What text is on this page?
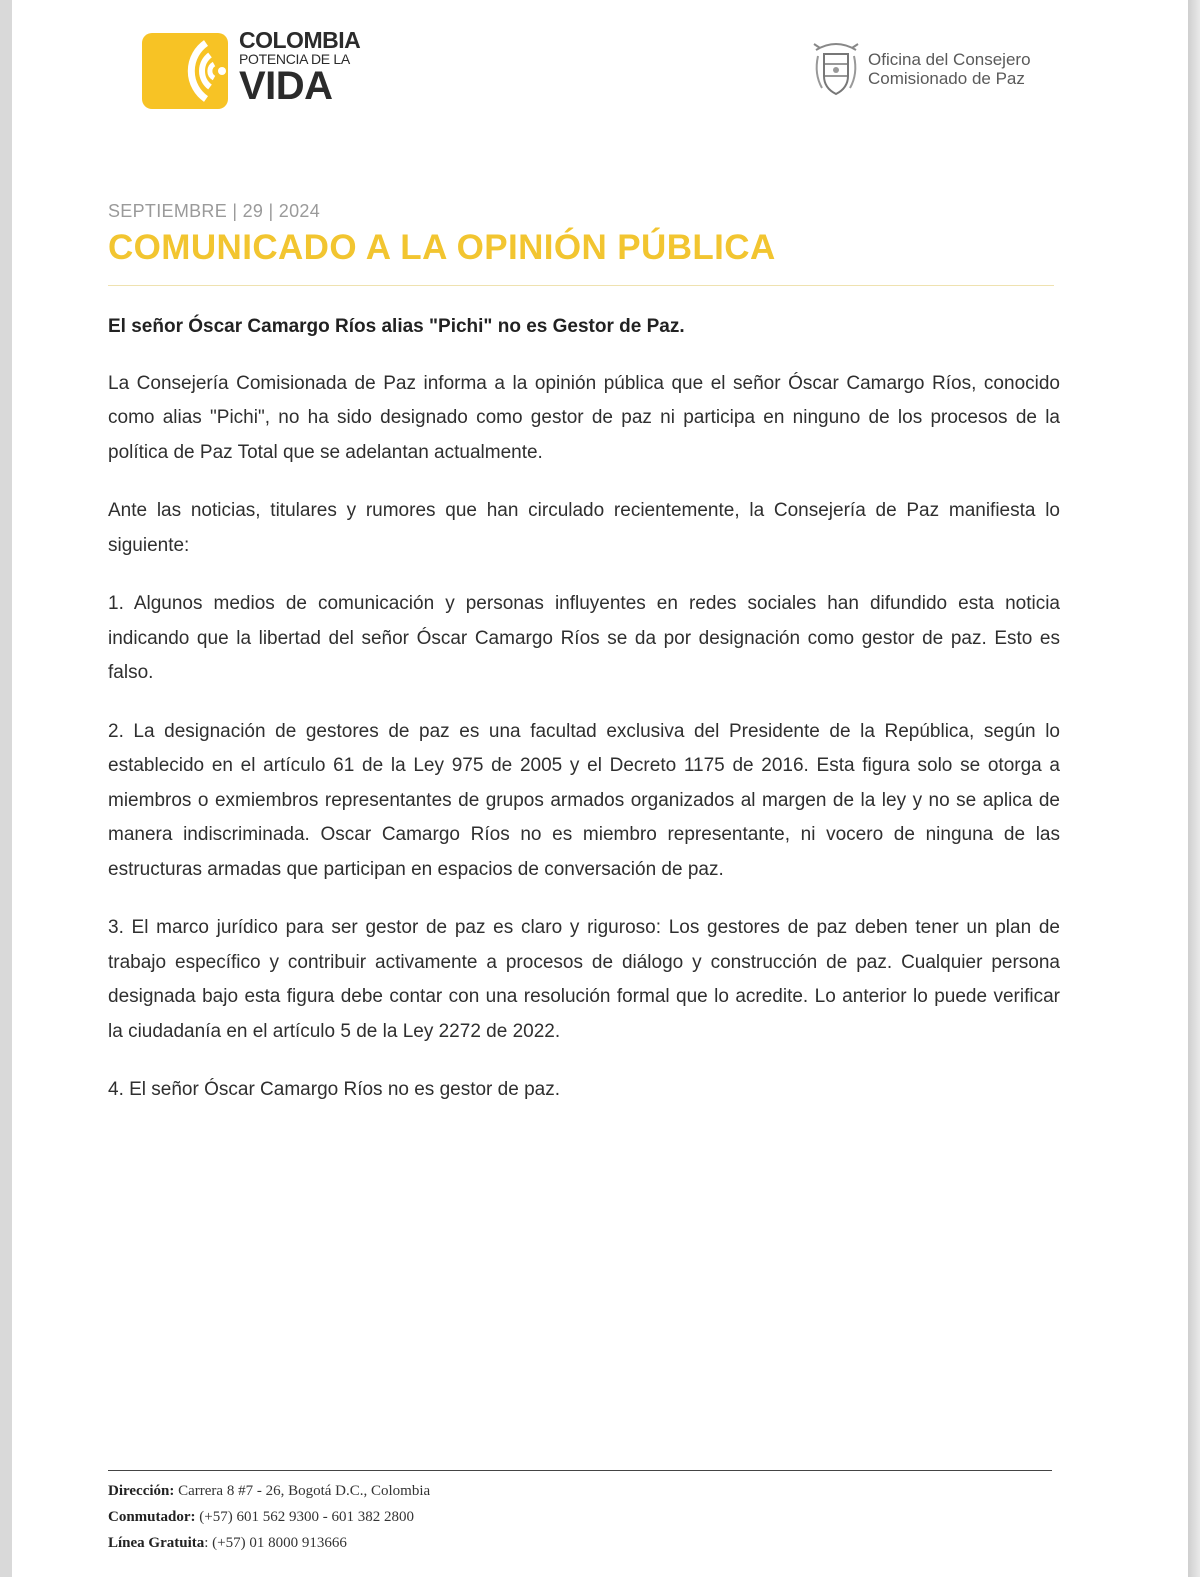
COLOMBIA
POTENCIA DE LA
VIDA
Oficina del Consejero
Comisionado de Paz
SEPTIEMBRE | 29 | 2024
COMUNICADO A LA OPINIÓN PÚBLICA

El señor Óscar Camargo Ríos alias "Pichi" no es Gestor de Paz.

La Consejería Comisionada de Paz informa a la opinión pública que el señor Óscar Camargo Ríos, conocido como alias "Pichi", no ha sido designado como gestor de paz ni participa en ninguno de los procesos de la política de Paz Total que se adelantan actualmente.

Ante las noticias, titulares y rumores que han circulado recientemente, la Consejería de Paz manifiesta lo siguiente:

1. Algunos medios de comunicación y personas influyentes en redes sociales han difundido esta noticia indicando que la libertad del señor Óscar Camargo Ríos se da por designación como gestor de paz. Esto es falso.

2. La designación de gestores de paz es una facultad exclusiva del Presidente de la República, según lo establecido en el artículo 61 de la Ley 975 de 2005 y el Decreto 1175 de 2016. Esta figura solo se otorga a miembros o exmiembros representantes de grupos armados organizados al margen de la ley y no se aplica de manera indiscriminada. Oscar Camargo Ríos no es miembro representante, ni vocero de ninguna de las estructuras armadas que participan en espacios de conversación de paz.

3. El marco jurídico para ser gestor de paz es claro y riguroso: Los gestores de paz deben tener un plan de trabajo específico y contribuir activamente a procesos de diálogo y construcción de paz. Cualquier persona designada bajo esta figura debe contar con una resolución formal que lo acredite. Lo anterior lo puede verificar la ciudadanía en el artículo 5 de la Ley 2272 de 2022.

4. El señor Óscar Camargo Ríos no es gestor de paz.

Dirección: Carrera 8 #7 - 26, Bogotá D.C., Colombia
Conmutador: (+57) 601 562 9300 - 601 382 2800
Línea Gratuita: (+57) 01 8000 913666
